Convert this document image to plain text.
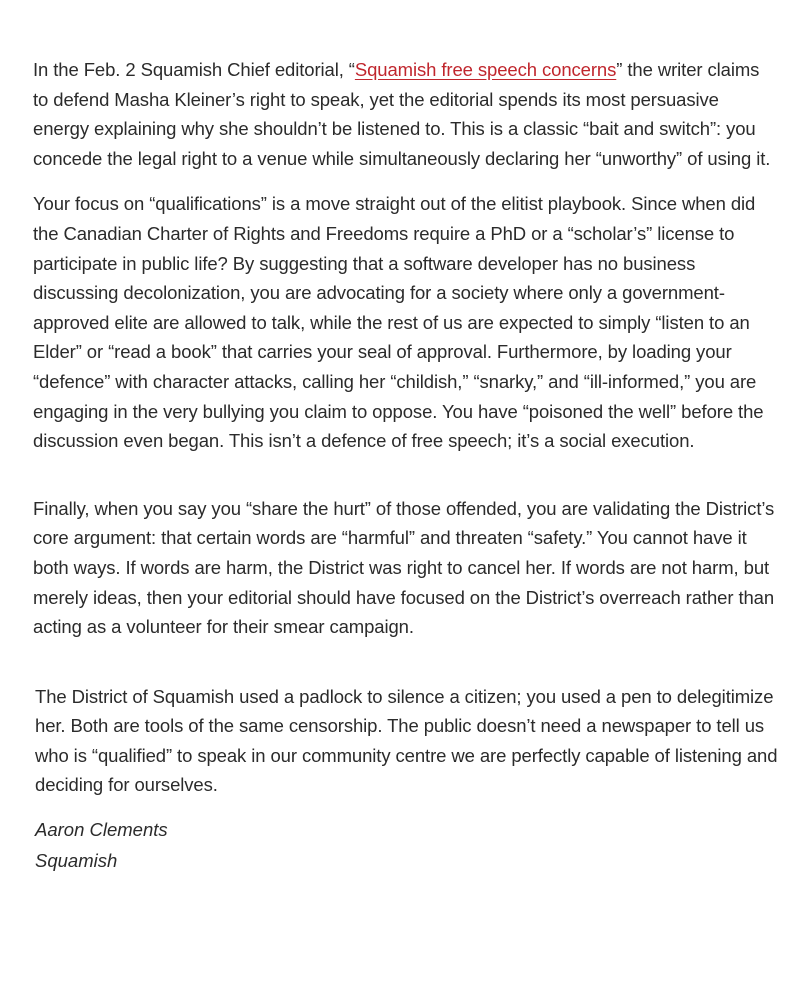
In the Feb. 2 Squamish Chief editorial, “Squamish free speech concerns” the writer claims to defend Masha Kleiner’s right to speak, yet the editorial spends its most persuasive energy explaining why she shouldn’t be listened to. This is a classic “bait and switch”: you concede the legal right to a venue while simultaneously declaring her “unworthy” of using it.

Your focus on “qualifications” is a move straight out of the elitist playbook. Since when did the Canadian Charter of Rights and Freedoms require a PhD or a “scholar’s” license to participate in public life? By suggesting that a software developer has no business discussing decolonization, you are advocating for a society where only a government-approved elite are allowed to talk, while the rest of us are expected to simply “listen to an Elder” or “read a book” that carries your seal of approval. Furthermore, by loading your “defence” with character attacks, calling her “childish,” “snarky,” and “ill-informed,” you are engaging in the very bullying you claim to oppose. You have “poisoned the well” before the discussion even began. This isn’t a defence of free speech; it’s a social execution.

Finally, when you say you “share the hurt” of those offended, you are validating the District’s core argument: that certain words are “harmful” and threaten “safety.” You cannot have it both ways. If words are harm, the District was right to cancel her. If words are not harm, but merely ideas, then your editorial should have focused on the District’s overreach rather than acting as a volunteer for their smear campaign.

The District of Squamish used a padlock to silence a citizen; you used a pen to delegitimize her. Both are tools of the same censorship. The public doesn’t need a newspaper to tell us who is “qualified” to speak in our community centre we are perfectly capable of listening and deciding for ourselves.

Aaron Clements
Squamish
